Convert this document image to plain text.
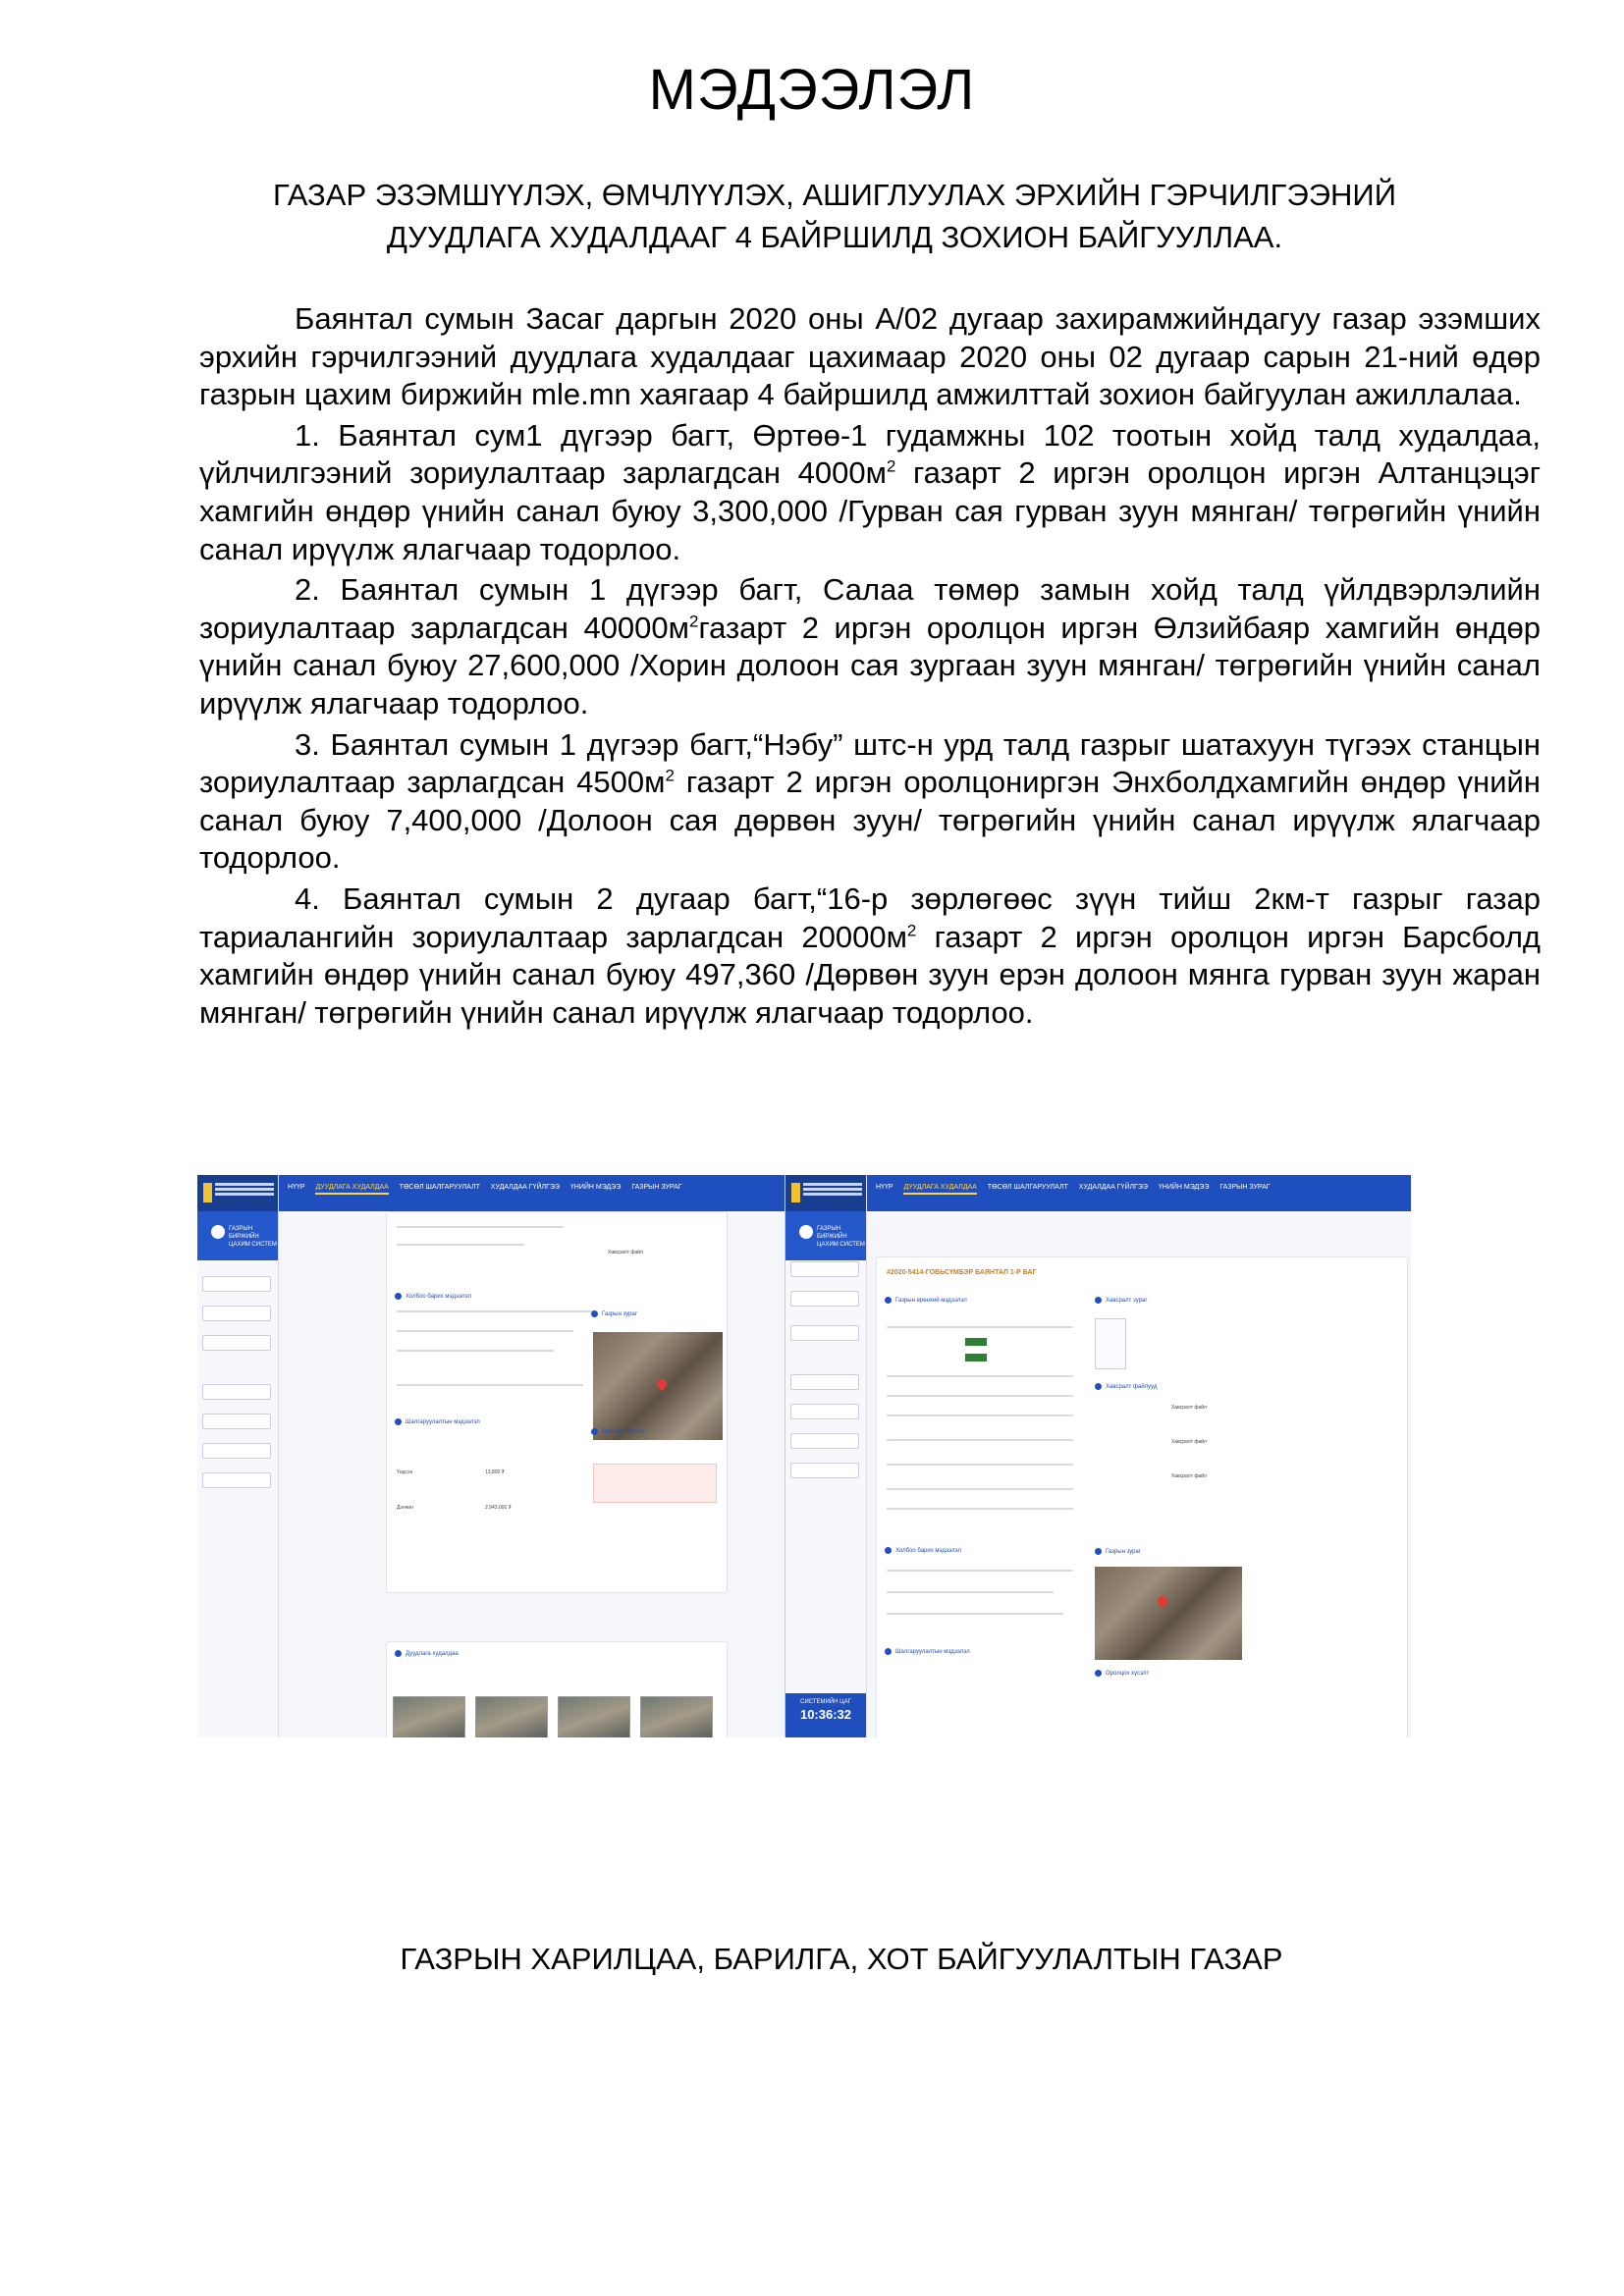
МЭДЭЭЛЭЛ
ГАЗАР ЭЗЭМШҮҮЛЭХ, ӨМЧЛҮҮЛЭХ, АШИГЛУУЛАХ ЭРХИЙН ГЭРЧИЛГЭЭНИЙ
ДУУДЛАГА ХУДАЛДААГ 4 БАЙРШИЛД ЗОХИОН БАЙГУУЛЛАА.

Баянтал сумын Засаг даргын 2020 оны А/02 дугаар захирамжийндагуу газар эзэмших эрхийн гэрчилгээний дуудлага худалдааг цахимаар 2020 оны 02 дугаар сарын 21-ний өдөр газрын цахим биржийн mle.mn хаягаар 4 байршилд амжилттай зохион байгуулан ажиллалаа.

1. Баянтал сум1 дүгээр багт, Өртөө-1 гудамжны 102 тоотын хойд талд худалдаа, үйлчилгээний зориулалтаар зарлагдсан $4000м^2$ газарт 2 иргэн оролцон иргэн Алтанцэцэг хамгийн өндөр үнийн санал буюу 3,300,000 /Гурван сая гурван зуун мянган/ төгрөгийн үнийн санал ирүүлж ялагчаар тодорлоо.

2. Баянтал сумын 1 дүгээр багт, Салаа төмөр замын хойд талд үйлдвэрлэлийн зориулалтаар зарлагдсан $40000м^2газарт$ 2 иргэн оролцон иргэн Өлзийбаяр хамгийн өндөр үнийн санал буюу 27,600,000 /Хорин долоон сая зургаан зуун мянган/ төгрөгийн үнийн санал ирүүлж ялагчаар тодорлоо.

3. Баянтал сумын 1 дүгээр багт,“Нэбу” штс-н урд талд газрыг шатахуун түгээх станцын зориулалтаар зарлагдсан $4500м^2$ газарт 2 иргэн оролцониргэн Энхболдхамгийн өндөр үнийн санал буюу 7,400,000 /Долоон сая дөрвөн зуун/ төгрөгийн үнийн санал ирүүлж ялагчаар тодорлоо.

4. Баянтал сумын 2 дугаар багт,“16-р зөрлөгөөс зүүн тийш 2км-т газрыг газар тариалангийн зориулалтаар зарлагдсан $20000м^2$ газарт 2 иргэн оролцон иргэн Барсболд хамгийн өндөр үнийн санал буюу 497,360 /Дөрвөн зуун ерэн долоон мянга гурван зуун жаран мянган/ төгрөгийн үнийн санал ирүүлж ялагчаар тодорлоо.

НҮҮР ДУУДЛАГА ХУДАЛДАА ТӨСӨЛ ШАЛГАРУУЛАЛТ ХУДАЛДАА ГҮЙЛГЭЭ ҮНИЙН МЭДЭЭ ГАЗРЫН ЗУРАГ
ГАЗРЫН БИРЖИЙН ЦАХИМ СИСТЕМ
Хавсралт файл
Холбоо барих мэдээлэл
Газрын зураг
Шалгаруулалтын мэдээлэл
Оролцох хүсэлт
Үндсэн	13,800 ₮
Дэнчин	2,943,000 ₮
Дуудлага худалдаа
НҮҮР ДУУДЛАГА ХУДАЛДАА ТӨСӨЛ ШАЛГАРУУЛАЛТ ХУДАЛДАА ГҮЙЛГЭЭ ҮНИЙН МЭДЭЭ ГАЗРЫН ЗУРАГ
ГАЗРЫН БИРЖИЙН ЦАХИМ СИСТЕМ
СИСТЕМИЙН ЦАГ
10:36:32
#2020-5414-ГОВЬСҮМБЭР БАЯНТАЛ 1-Р БАГ
Газрын ерөнхий мэдээлэл	Хавсралт зураг
Хавсралт файлууд
Хавсралт файл
Хавсралт файл
Хавсралт файл
Холбоо барих мэдээлэл	Газрын зураг
Шалгаруулалтын мэдээлэл
Оролцох хүсэлт
ГАЗРЫН ХАРИЛЦАА, БАРИЛГА, ХОТ БАЙГУУЛАЛТЫН ГАЗАР
